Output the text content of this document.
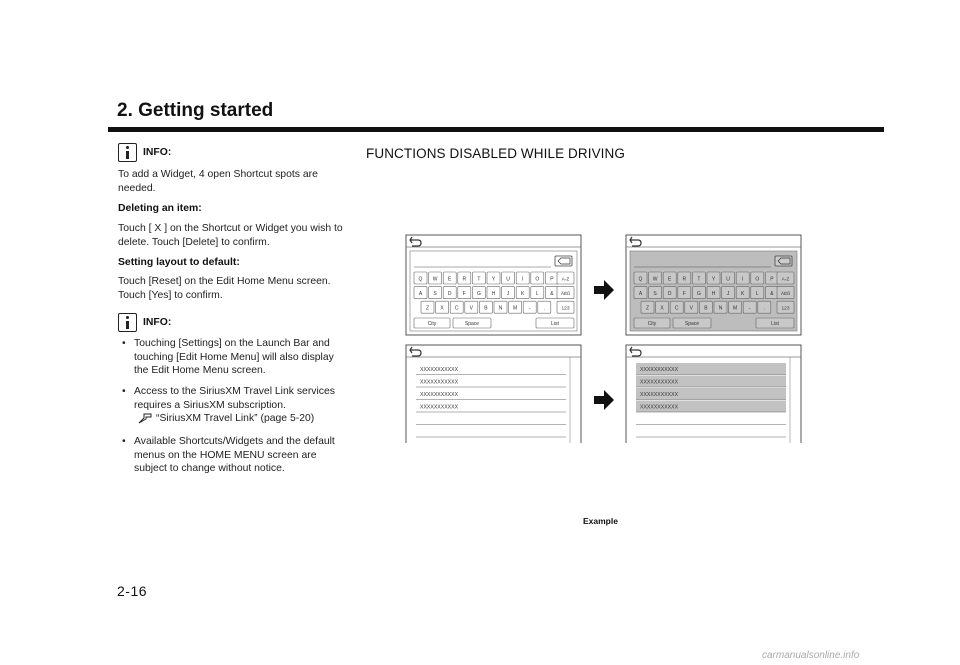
2. Getting started
INFO:
To add a Widget, 4 open Shortcut spots are needed.
Deleting an item:
Touch [ X ] on the Shortcut or Widget you wish to delete. Touch [Delete] to confirm.
Setting layout to default:
Touch [Reset] on the Edit Home Menu screen. Touch [Yes] to confirm.
INFO:
• Touching [Settings] on the Launch Bar and touching [Edit Home Menu] will also display the Edit Home Menu screen.
• Access to the SiriusXM Travel Link services requires a SiriusXM subscription.
“SiriusXM Travel Link” (page 5-20)
• Available Shortcuts/Widgets and the default menus on the HOME MENU screen are subject to change without notice.
FUNCTIONS DISABLED WHILE DRIVING
Q W E R T Y U I O P
A S D F G H J K L &
Z X C V B N M -	.
A-Z
ÄÉß
123
City	Space	List
Q W E R T Y U I O P
A S D F G H J K L &
Z X C V B N M -	.
A-Z
ÄÉß
123
City	Space	List
XXXXXXXXXXX
XXXXXXXXXXX
XXXXXXXXXXX
XXXXXXXXXXX
XXXXXXXXXXX
XXXXXXXXXXX
XXXXXXXXXXX
XXXXXXXXXXX
Example
2-16
carmanualsonline.info
